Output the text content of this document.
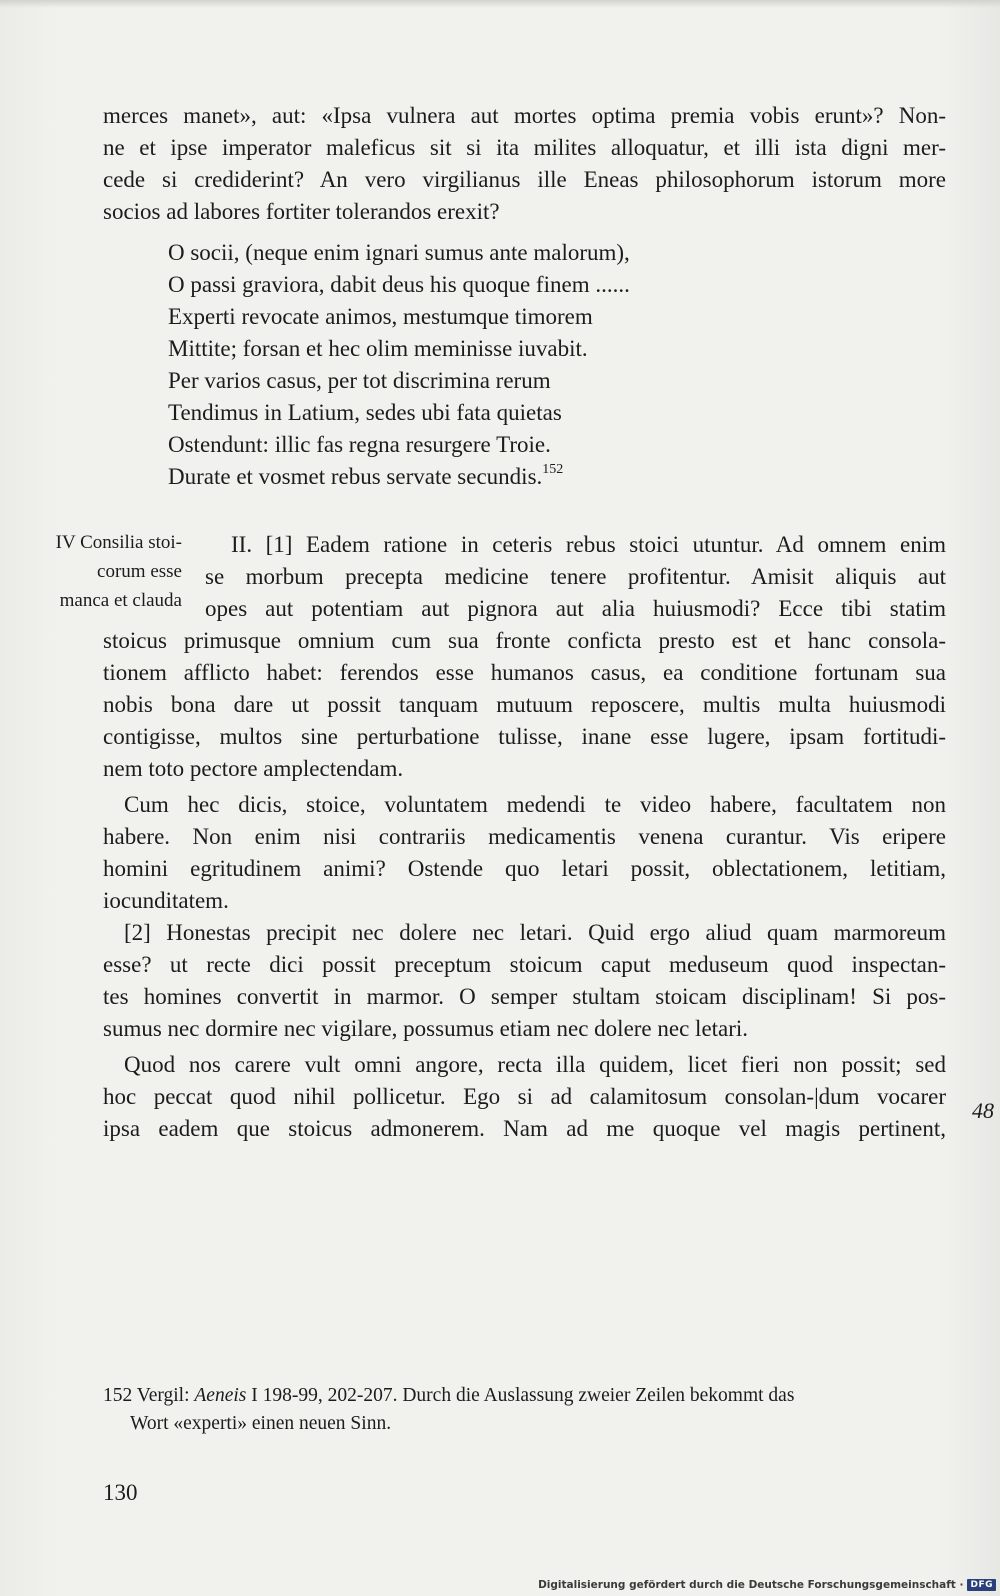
merces manet», aut: «Ipsa vulnera aut mortes optima premia vobis erunt»? Non-
ne et ipse imperator maleficus sit si ita milites alloquatur, et illi ista digni mer-
cede si crediderint? An vero virgilianus ille Eneas philosophorum istorum more
socios ad labores fortiter tolerandos erexit?
O socii, (neque enim ignari sumus ante malorum),
O passi graviora, dabit deus his quoque finem ......
Experti revocate animos, mestumque timorem
Mittite; forsan et hec olim meminisse iuvabit.
Per varios casus, per tot discrimina rerum
Tendimus in Latium, sedes ubi fata quietas
Ostendunt: illic fas regna resurgere Troie.
Durate et vosmet rebus servate secundis.$^{152}$
IV Consilia stoi-
corum esse
manca et clauda
II. [1] Eadem ratione in ceteris rebus stoici utuntur. Ad omnem enim
se morbum precepta medicine tenere profitentur. Amisit aliquis aut
opes aut potentiam aut pignora aut alia huiusmodi? Ecce tibi statim
stoicus primusque omnium cum sua fronte conficta presto est et hanc consola-
tionem afflicto habet: ferendos esse humanos casus, ea conditione fortunam sua
nobis bona dare ut possit tanquam mutuum reposcere, multis multa huiusmodi
contigisse, multos sine perturbatione tulisse, inane esse lugere, ipsam fortitudi-
nem toto pectore amplectendam.
Cum hec dicis, stoice, voluntatem medendi te video habere, facultatem non
habere. Non enim nisi contrariis medicamentis venena curantur. Vis eripere
homini egritudinem animi? Ostende quo letari possit, oblectationem, letitiam,
iocunditatem.
[2] Honestas precipit nec dolere nec letari. Quid ergo aliud quam marmoreum
esse? ut recte dici possit preceptum stoicum caput meduseum quod inspectan-
tes homines convertit in marmor. O semper stultam stoicam disciplinam! Si pos-
sumus nec dormire nec vigilare, possumus etiam nec dolere nec letari.
Quod nos carere vult omni angore, recta illa quidem, licet fieri non possit; sed
hoc peccat quod nihil pollicetur. Ego si ad calamitosum consolan-|dum vocarer
ipsa eadem que stoicus admonerem. Nam ad me quoque vel magis pertinent,
48
152 Vergil: Aeneis I 198-99, 202-207. Durch die Auslassung zweier Zeilen bekommt das
Wort «experti» einen neuen Sinn.
130
Digitalisierung gefördert durch die Deutsche Forschungsgemeinschaft · DFG
